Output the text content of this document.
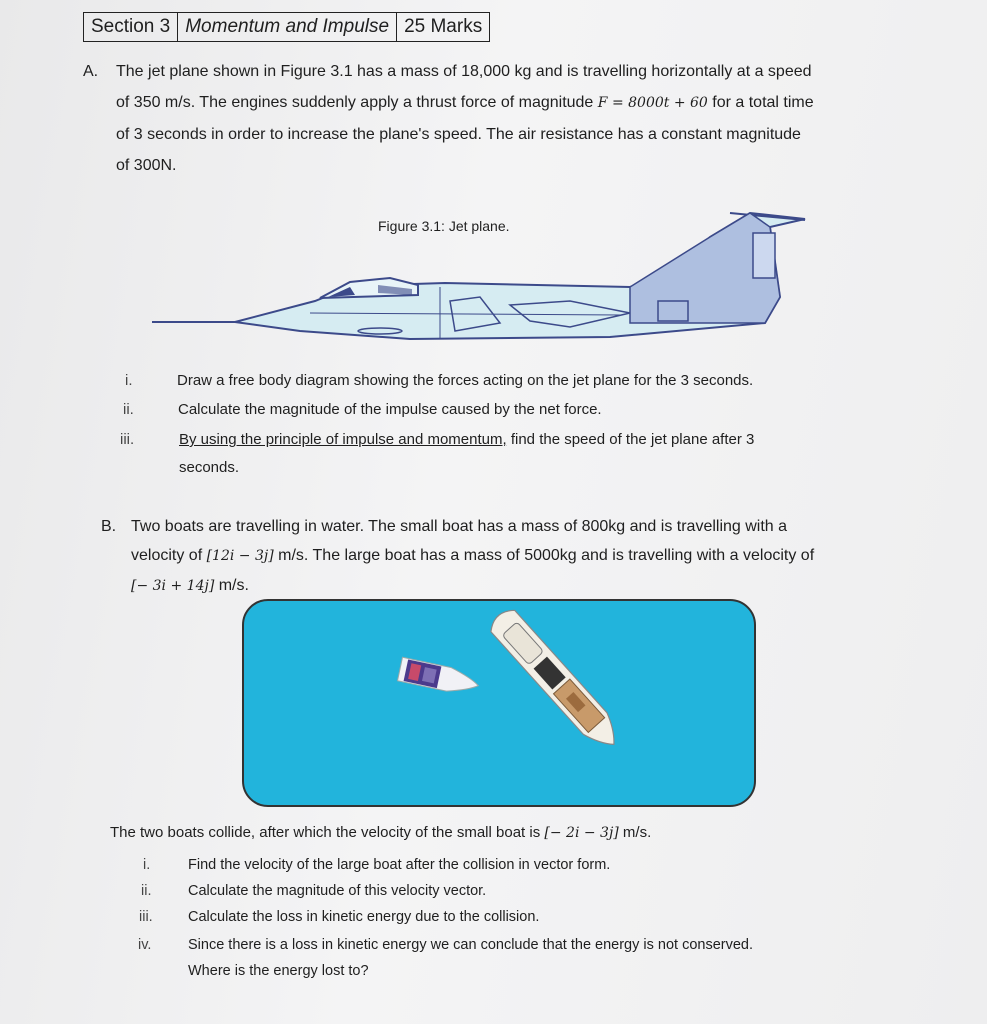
Section 3 Momentum and Impulse 25 Marks
A. The jet plane shown in Figure 3.1 has a mass of 18,000 kg and is travelling horizontally at a speed
of 350 m/s. The engines suddenly apply a thrust force of magnitude F = 8000t + 60 for a total time
of 3 seconds in order to increase the plane's speed. The air resistance has a constant magnitude
of 300N.
Figure 3.1: Jet plane.
i.	Draw a free body diagram showing the forces acting on the jet plane for the 3 seconds.
ii.	Calculate the magnitude of the impulse caused by the net force.
iii.	By using the principle of impulse and momentum, find the speed of the jet plane after 3
seconds.
B. Two boats are travelling in water. The small boat has a mass of 800kg and is travelling with a
velocity of [12i − 3j] m/s. The large boat has a mass of 5000kg and is travelling with a velocity of
[− 3i + 14j] m/s.
The two boats collide, after which the velocity of the small boat is [− 2i − 3j] m/s.
i.	Find the velocity of the large boat after the collision in vector form.
ii.	Calculate the magnitude of this velocity vector.
iii. Calculate the loss in kinetic energy due to the collision.
iv.	Since there is a loss in kinetic energy we can conclude that the energy is not conserved.
Where is the energy lost to?
